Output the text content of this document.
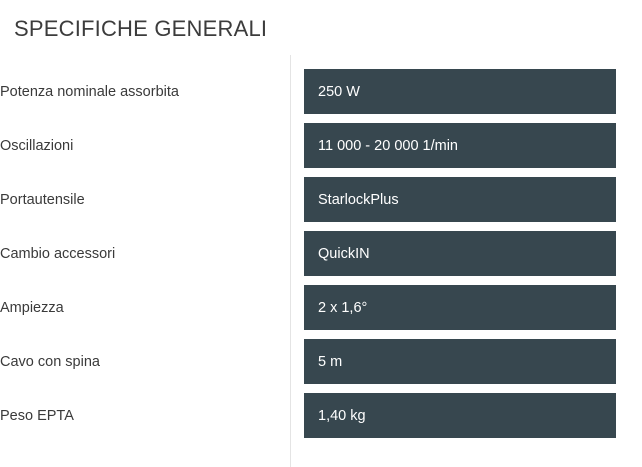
SPECIFICHE GENERALI
Potenza nominale assorbita	250 W

Oscillazioni	11 000 - 20 000 1/min

Portautensile	StarlockPlus

Cambio accessori	QuickIN

Ampiezza	2 x 1,6°

Cavo con spina	5 m

Peso EPTA	1,40 kg
